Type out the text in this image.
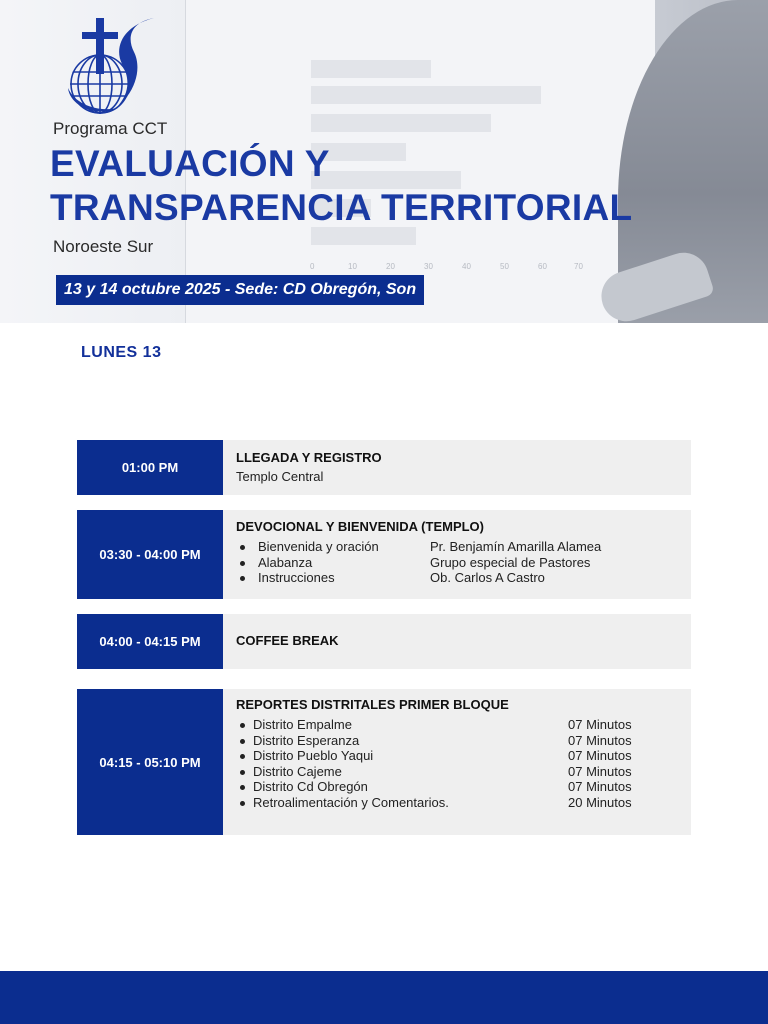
0	10	20	30	40	50	60	70
Programa CCT
EVALUACIÓN Y
TRANSPARENCIA TERRITORIAL
Noroeste Sur
13 y 14 octubre 2025 - Sede: CD Obregón, Son
LUNES 13
01:00 PM
LLEGADA Y REGISTRO
Templo Central
03:30 - 04:00 PM
DEVOCIONAL Y BIENVENIDA (TEMPLO)
Bienvenida y oración	Pr. Benjamín Amarilla Alamea
Alabanza	Grupo especial de Pastores
Instrucciones	Ob. Carlos A Castro
04:00 - 04:15 PM	COFFEE BREAK
04:15 - 05:10 PM
REPORTES DISTRITALES PRIMER BLOQUE
Distrito Empalme	07 Minutos
Distrito Esperanza	07 Minutos
Distrito Pueblo Yaqui	07 Minutos
Distrito Cajeme	07 Minutos
Distrito Cd Obregón	07 Minutos
Retroalimentación y Comentarios.	20 Minutos
